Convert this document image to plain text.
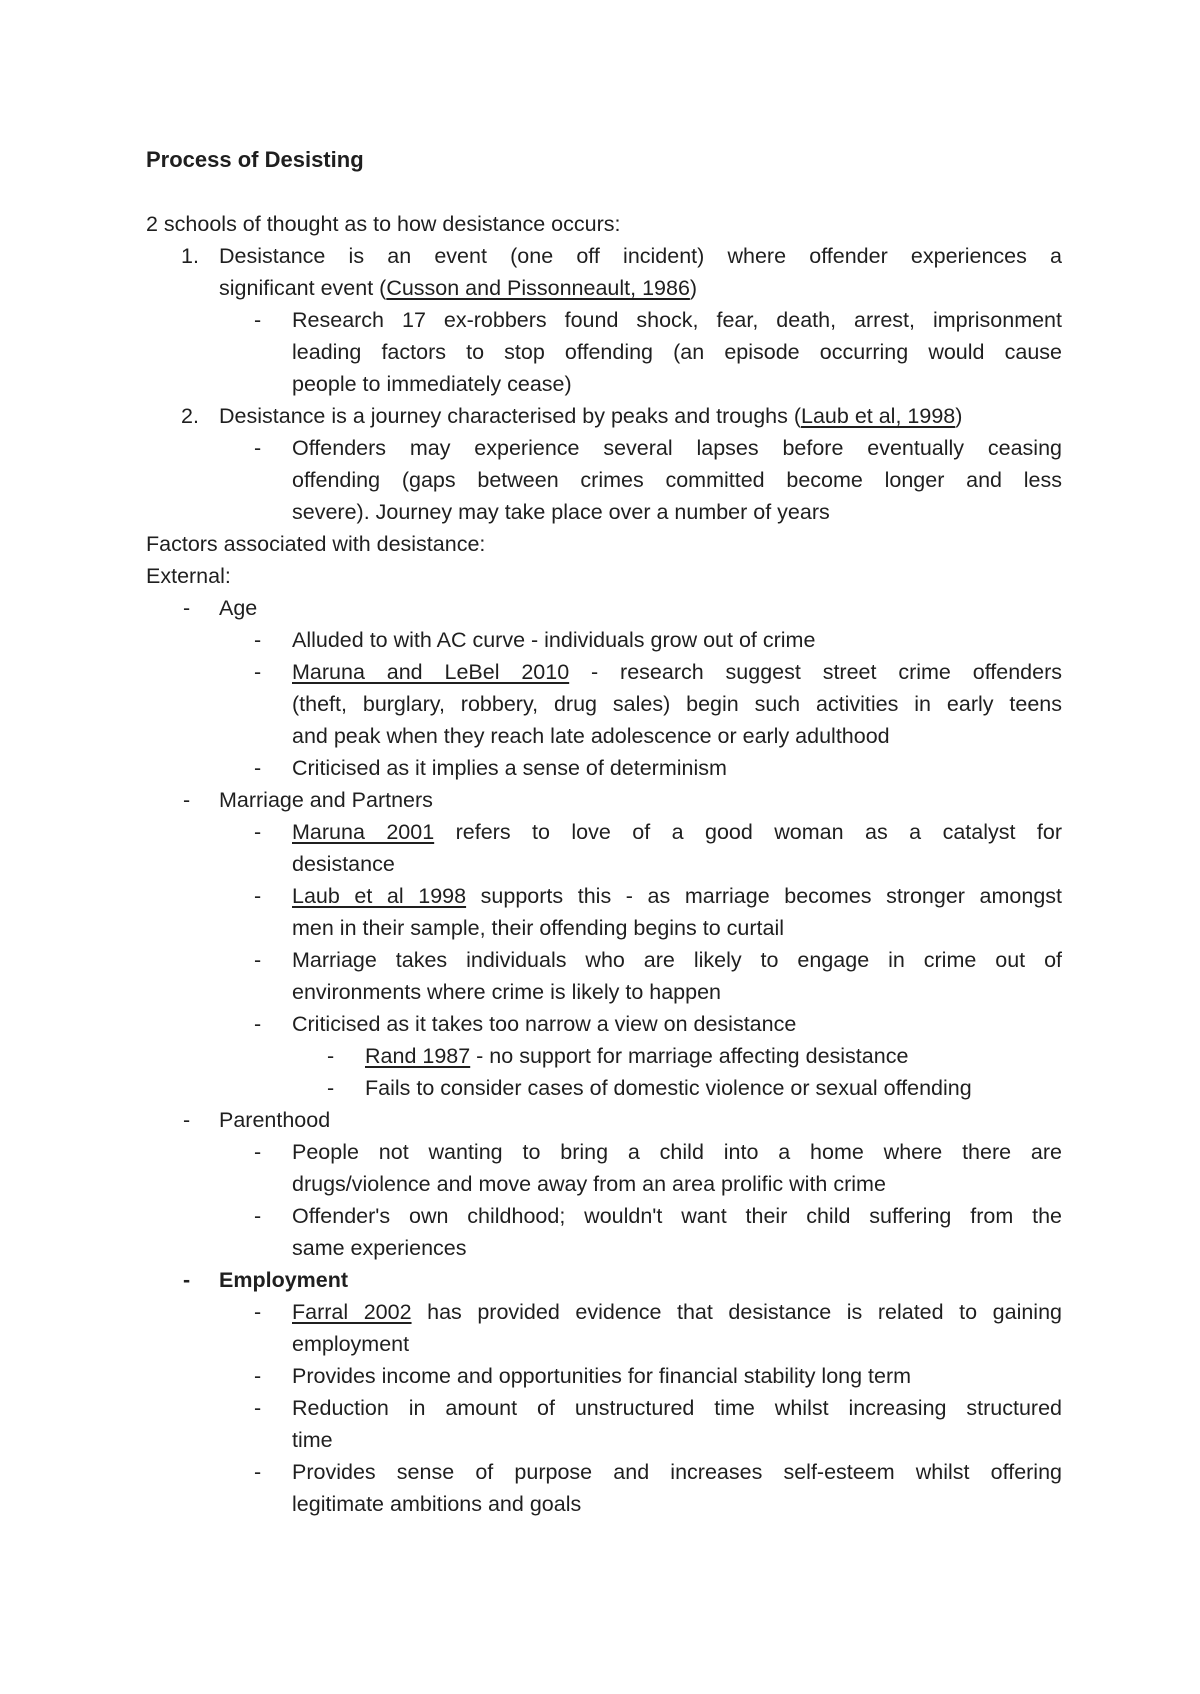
Process of Desisting

2 schools of thought as to how desistance occurs:

1. Desistance is an event (one off incident) where offender experiences a

significant event (Cusson and Pissonneault, 1986)

- Research 17 ex-robbers found shock, fear, death, arrest, imprisonment

leading factors to stop offending (an episode occurring would cause

people to immediately cease)

2. Desistance is a journey characterised by peaks and troughs (Laub et al, 1998)

- Offenders may experience several lapses before eventually ceasing

offending (gaps between crimes committed become longer and less

severe). Journey may take place over a number of years

Factors associated with desistance:

External:

- Age

- Alluded to with AC curve - individuals grow out of crime

- Maruna and LeBel 2010 - research suggest street crime offenders

(theft, burglary, robbery, drug sales) begin such activities in early teens

and peak when they reach late adolescence or early adulthood

- Criticised as it implies a sense of determinism

- Marriage and Partners

- Maruna 2001 refers to love of a good woman as a catalyst for

desistance

- Laub et al 1998 supports this - as marriage becomes stronger amongst

men in their sample, their offending begins to curtail

- Marriage takes individuals who are likely to engage in crime out of

environments where crime is likely to happen

- Criticised as it takes too narrow a view on desistance

- Rand 1987 - no support for marriage affecting desistance

- Fails to consider cases of domestic violence or sexual offending

- Parenthood

- People not wanting to bring a child into a home where there are

drugs/violence and move away from an area prolific with crime

- Offender's own childhood; wouldn't want their child suffering from the

same experiences

- Employment

- Farral 2002 has provided evidence that desistance is related to gaining

employment

- Provides income and opportunities for financial stability long term

- Reduction in amount of unstructured time whilst increasing structured

time

- Provides sense of purpose and increases self-esteem whilst offering

legitimate ambitions and goals
